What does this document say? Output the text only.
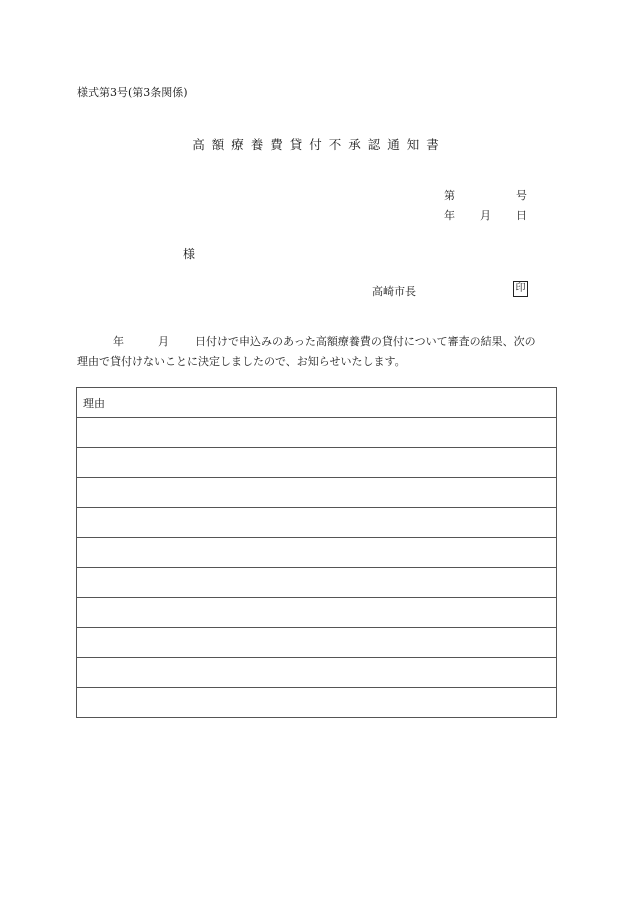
様式第3号(第3条関係)
高額療養費貸付不承認通知書
第	号
年 月 日
様
高崎市長	印
年	月 日付けで申込みのあった高額療養費の貸付について審査の結果、次の
理由で貸付けないことに決定しましたので、お知らせいたします。
理由
